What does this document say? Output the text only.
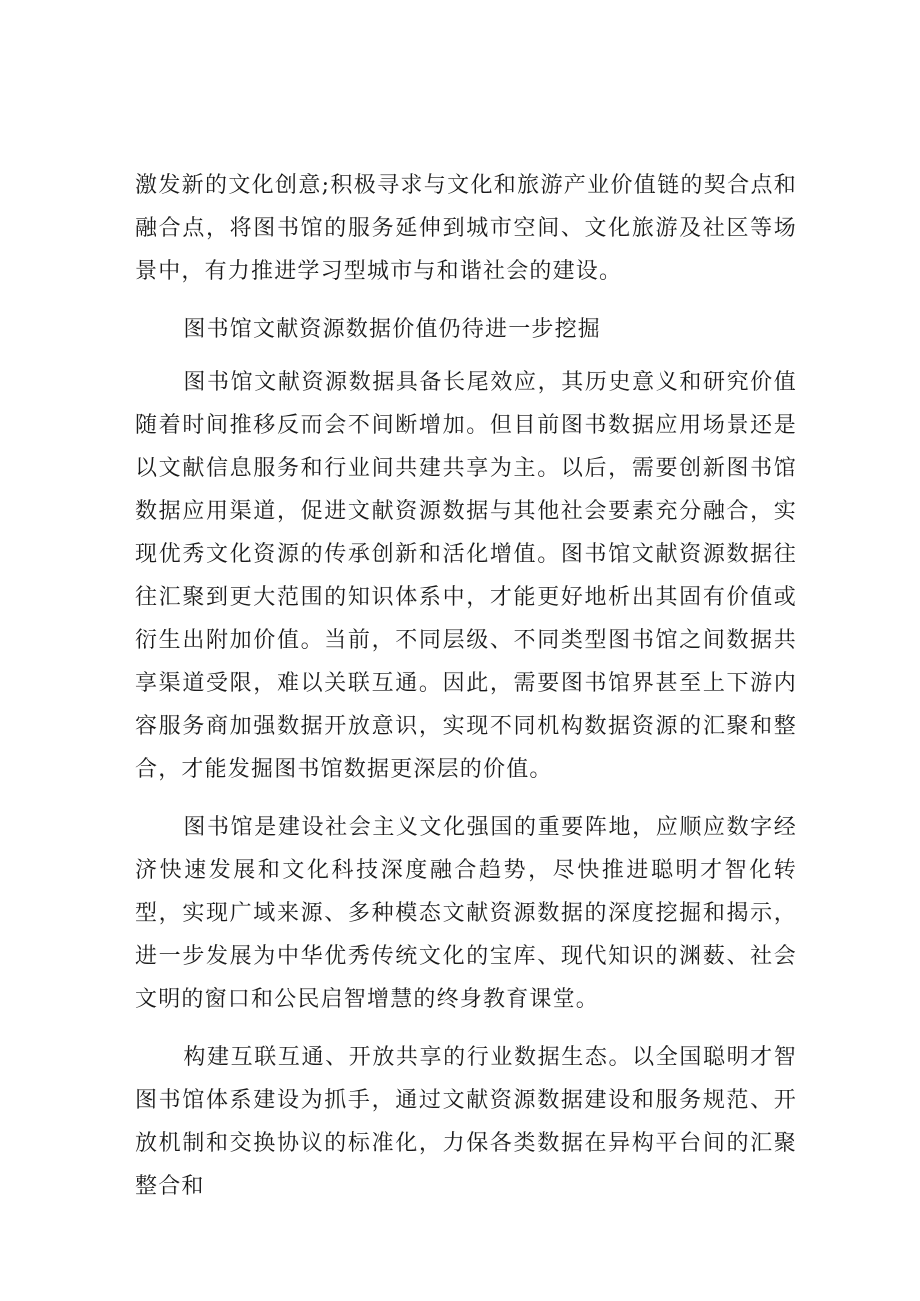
激发新的文化创意;积极寻求与文化和旅游产业价值链的契合点和融合点，将图书馆的服务延伸到城市空间、文化旅游及社区等场景中，有力推进学习型城市与和谐社会的建设。

图书馆文献资源数据价值仍待进一步挖掘

图书馆文献资源数据具备长尾效应，其历史意义和研究价值随着时间推移反而会不间断增加。但目前图书数据应用场景还是以文献信息服务和行业间共建共享为主。以后，需要创新图书馆数据应用渠道，促进文献资源数据与其他社会要素充分融合，实现优秀文化资源的传承创新和活化增值。图书馆文献资源数据往往汇聚到更大范围的知识体系中，才能更好地析出其固有价值或衍生出附加价值。当前，不同层级、不同类型图书馆之间数据共享渠道受限，难以关联互通。因此，需要图书馆界甚至上下游内容服务商加强数据开放意识，实现不同机构数据资源的汇聚和整合，才能发掘图书馆数据更深层的价值。

图书馆是建设社会主义文化强国的重要阵地，应顺应数字经济快速发展和文化科技深度融合趋势，尽快推进聪明才智化转型，实现广域来源、多种模态文献资源数据的深度挖掘和揭示，进一步发展为中华优秀传统文化的宝库、现代知识的渊薮、社会文明的窗口和公民启智增慧的终身教育课堂。

构建互联互通、开放共享的行业数据生态。以全国聪明才智图书馆体系建设为抓手，通过文献资源数据建设和服务规范、开放机制和交换协议的标准化，力保各类数据在异构平台间的汇聚整合和
